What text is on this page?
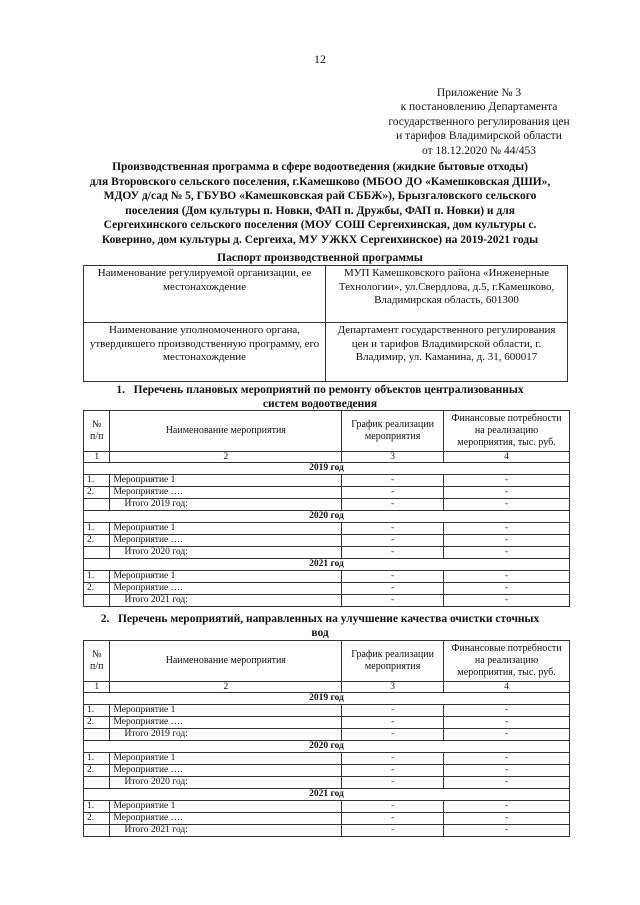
12
Приложение № 3
к постановлению Департамента
государственного регулирования цен
и тарифов Владимирской области
от 18.12.2020 № 44/453
Производственная программа в сфере водоотведения (жидкие бытовые отходы)
для Второвского сельского поселения, г.Камешково (МБОО ДО «Камешковская ДШИ»,
МДОУ д/сад № 5, ГБУВО «Камешковская рай СББЖ»), Брызгаловского сельского
поселения (Дом культуры п. Новки, ФАП п. Дружбы, ФАП п. Новки) и для
Сергеихинского сельского поселения (МОУ СОШ Сергеихинская, дом культуры с.
Коверино, дом культуры д. Сергеиха, МУ УЖКХ Сергеихинское) на 2019-2021 годы
Паспорт производственной программы
Наименование регулируемой организации, ее местонахождение	МУП Камешковского района «Инженерные Технологии», ул.Свердлова, д.5, г.Камешково, Владимирская область, 601300
Наименование уполномоченного органа, утвердившего производственную программу, его местонахождение	Департамент государственного регулирования цен и тарифов Владимирской области, г. Владимир, ул. Каманина, д. 31, 600017
1. Перечень плановых мероприятий по ремонту объектов централизованных
систем водоотведения
№ п/п	Наименование мероприятия	График реализации мероприятия	Финансовые потребности на реализацию мероприятия, тыс. руб.
1	2	3	4
2019 год			
1.	Мероприятие 1	-	-
2.	Мероприятие ….	-	-
	Итого 2019 год:	-	-
2020 год			
1.	Мероприятие 1	-	-
2.	Мероприятие ….	-	-
	Итого 2020 год:	-	-
2021 год			
1.	Мероприятие 1	-	-
2.	Мероприятие ….	-	-
	Итого 2021 год:	-	-
2. Перечень мероприятий, направленных на улучшение качества очистки сточных
вод
№ п/п	Наименование мероприятия	График реализации мероприятия	Финансовые потребности на реализацию мероприятия, тыс. руб.
1	2	3	4
2019 год			
1.	Мероприятие 1	-	-
2.	Мероприятие ….	-	-
	Итого 2019 год:	-	-
2020 год			
1.	Мероприятие 1	-	-
2.	Мероприятие ….	-	-
	Итого 2020 год:	-	-
2021 год			
1.	Мероприятие 1	-	-
2.	Мероприятие ….	-	-
	Итого 2021 год:	-	-
